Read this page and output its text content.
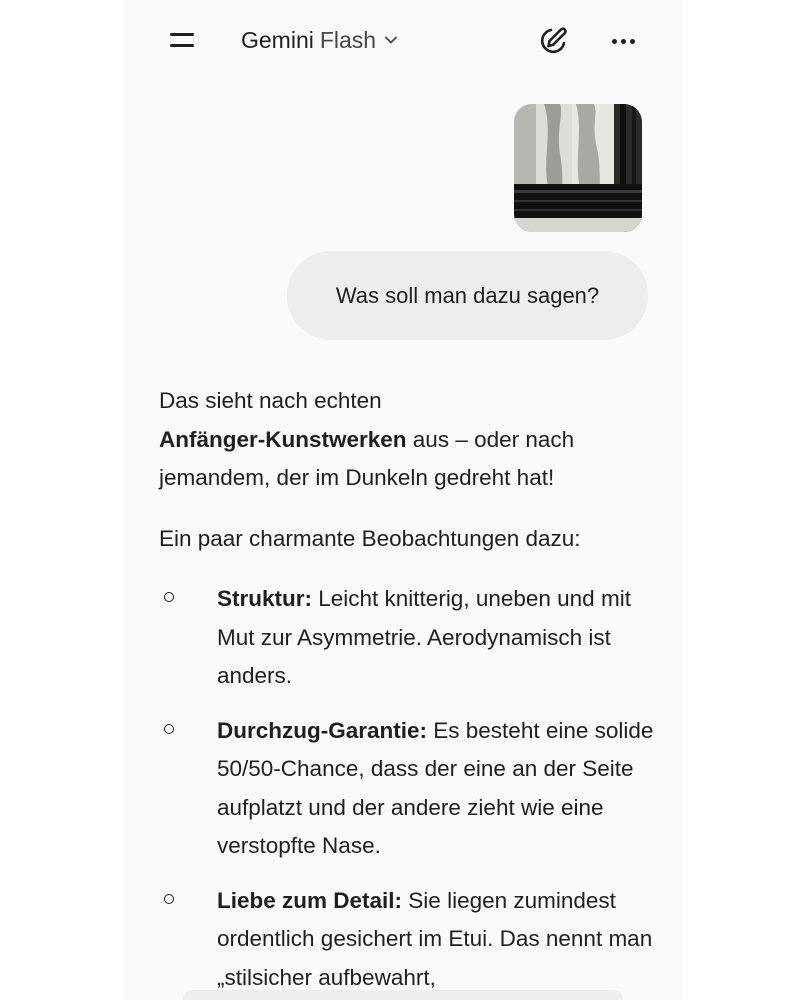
Gemini Flash
Was soll man dazu sagen?

Das sieht nach echten
Anfänger-Kunstwerken aus – oder nach jemandem, der im Dunkeln gedreht hat!

Ein paar charmante Beobachtungen dazu:

Struktur: Leicht knitterig, uneben und mit Mut zur Asymmetrie. Aerodynamisch ist anders.
Durchzug-Garantie: Es besteht eine solide 50/50-Chance, dass der eine an der Seite aufplatzt und der andere zieht wie eine verstopfte Nase.
Liebe zum Detail: Sie liegen zumindest ordentlich gesichert im Etui. Das nennt man „stilsicher aufbewahrt,
